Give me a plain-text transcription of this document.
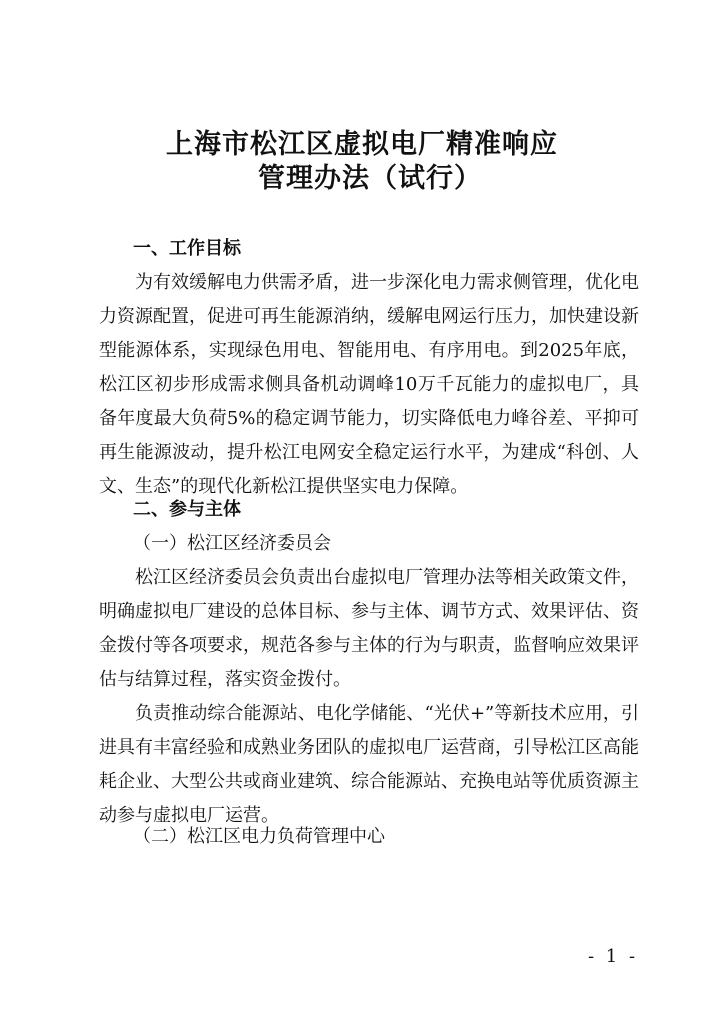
上海市松江区虚拟电厂精准响应
管理办法（试行）
一、工作目标

为有效缓解电力供需矛盾，进一步深化电力需求侧管理，优化电力资源配置，促进可再生能源消纳，缓解电网运行压力，加快建设新型能源体系，实现绿色用电、智能用电、有序用电。到2025年底，松江区初步形成需求侧具备机动调峰10万千瓦能力的虚拟电厂，具备年度最大负荷5%的稳定调节能力，切实降低电力峰谷差、平抑可再生能源波动，提升松江电网安全稳定运行水平，为建成“科创、人文、生态”的现代化新松江提供坚实电力保障。

二、参与主体
（一）松江区经济委员会

松江区经济委员会负责出台虚拟电厂管理办法等相关政策文件，明确虚拟电厂建设的总体目标、参与主体、调节方式、效果评估、资金拨付等各项要求，规范各参与主体的行为与职责，监督响应效果评估与结算过程，落实资金拨付。

负责推动综合能源站、电化学储能、“光伏+”等新技术应用，引进具有丰富经验和成熟业务团队的虚拟电厂运营商，引导松江区高能耗企业、大型公共或商业建筑、综合能源站、充换电站等优质资源主动参与虚拟电厂运营。

（二）松江区电力负荷管理中心
- 1 -
